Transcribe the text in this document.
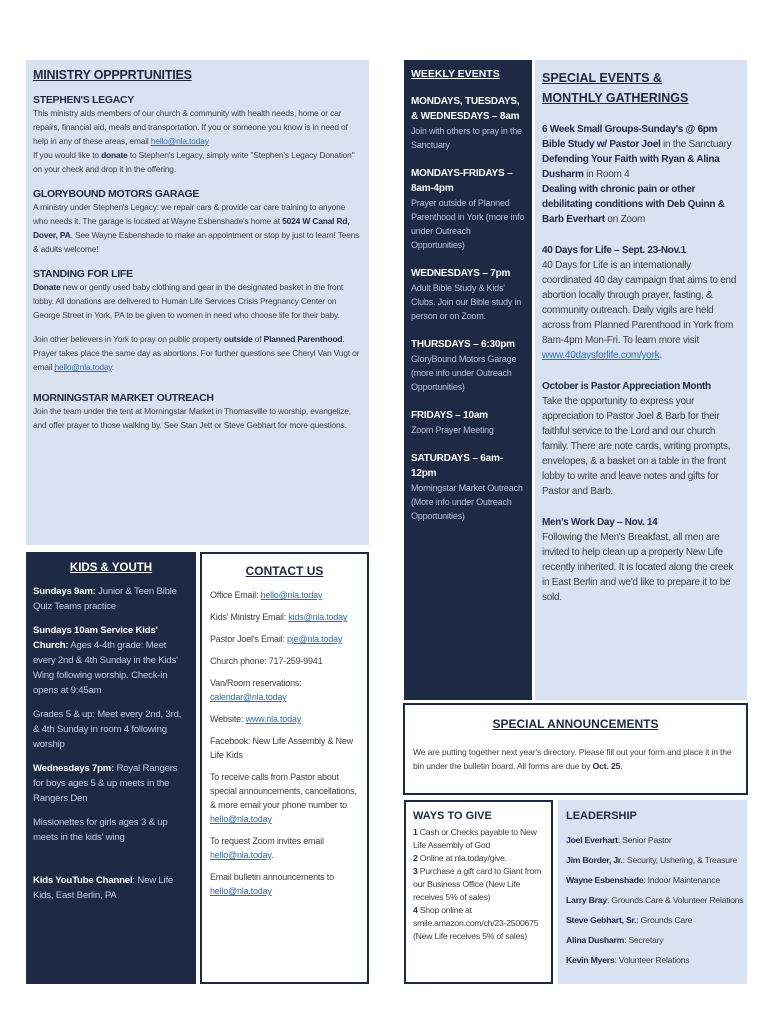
MINISTRY OPPPRTUNITIES
STEPHEN'S LEGACY

This ministry aids members of our church & community with health needs, home or car repairs, financial aid, meals and transportation. If you or someone you know is in need of help in any of these areas, email hello@nla.today
If you would like to donate to Stephen's Legacy, simply write "Stephen's Legacy Donation" on your check and drop it in the offering.

GLORYBOUND MOTORS GARAGE

A ministry under Stephen's Legacy: we repair cars & provide car care training to anyone who needs it. The garage is located at Wayne Esbenshade's home at 5024 W Canal Rd, Dover, PA. See Wayne Esbenshade to make an appointment or stop by just to learn! Teens & adults welcome!

STANDING FOR LIFE

Donate new or gently used baby clothing and gear in the designated basket in the front lobby. All donations are delivered to Human Life Services Crisis Pregnancy Center on George Street in York, PA to be given to women in need who choose life for their baby.

Join other believers in York to pray on public property outside of Planned Parenthood. Prayer takes place the same day as abortions. For further questions see Cheryl Van Vugt or email hello@nla.today.

MORNINGSTAR MARKET OUTREACH

Join the team under the tent at Morningstar Market in Thomasville to worship, evangelize, and offer prayer to those walking by. See Stan Jett or Steve Gebhart for more questions.

KIDS & YOUTH

Sundays 9am: Junior & Teen Bible Quiz Teams practice

Sundays 10am Service Kids' Church: Ages 4-4th grade: Meet every 2nd & 4th Sunday in the Kids' Wing following worship. Check-in opens at 9:45am

Grades 5 & up: Meet every 2nd, 3rd, & 4th Sunday in room 4 following worship

Wednesdays 7pm: Royal Rangers for boys ages 5 & up meets in the Rangers Den

Missionettes for girls ages 3 & up meets in the kids' wing

Kids YouTube Channel: New Life Kids, East Berlin, PA

CONTACT US

Office Email: hello@nla.today

Kids' Ministry Email: kids@nla.today

Pastor Joel's Email: pje@nla.today

Church phone: 717-259-9941

Van/Room reservations:
calendar@nla.today

Website: www.nla.today

Facebook: New Life Assembly & New Life Kids

To receive calls from Pastor about special announcements, cancellations, & more email your phone number to hello@nla.today

To request Zoom invites email hello@nla.today.

Email bulletin announcements to hello@nla.today

WEEKLY EVENTS
MONDAYS, TUESDAYS, & WEDNESDAYS – 8am
Join with others to pray in the Sanctuary
MONDAYS-FRIDAYS – 8am-4pm
Prayer outside of Planned Parenthood in York (more info under Outreach Opportunities)
WEDNESDAYS – 7pm
Adult Bible Study & Kids' Clubs. Join our Bible study in person or on Zoom.
THURSDAYS – 6:30pm
GloryBound Motors Garage (more info under Outreach Opportunities)
FRIDAYS – 10am
Zoom Prayer Meeting
SATURDAYS – 6am-12pm
Morningstar Market Outreach (More info under Outreach Opportunities)
SPECIAL EVENTS &
MONTHLY GATHERINGS
6 Week Small Groups-Sunday's @ 6pm

Bible Study w/ Pastor Joel in the Sanctuary

Defending Your Faith with Ryan & Alina Dusharm in Room 4

Dealing with chronic pain or other debilitating conditions with Deb Quinn & Barb Everhart on Zoom

40 Days for Life – Sept. 23-Nov.1

40 Days for Life is an internationally coordinated 40 day campaign that aims to end abortion locally through prayer, fasting, & community outreach. Daily vigils are held across from Planned Parenthood in York from 8am-4pm Mon-Fri. To learn more visit www.40daysforlife.com/york.

October is Pastor Appreciation Month

Take the opportunity to express your appreciation to Pastor Joel & Barb for their faithful service to the Lord and our church family. There are note cards, writing prompts, envelopes, & a basket on a table in the front lobby to write and leave notes and gifts for Pastor and Barb.

Men's Work Day – Nov. 14

Following the Men's Breakfast, all men are invited to help clean up a property New Life recently inherited. It is located along the creek in East Berlin and we'd like to prepare it to be sold.

SPECIAL ANNOUNCEMENTS

We are putting together next year's directory. Please fill out your form and place it in the bin under the bulletin board. All forms are due by Oct. 25.

WAYS TO GIVE

1 Cash or Checks payable to New Life Assembly of God

2 Online at nla.today/give.

3 Purchase a gift card to Giant from our Business Office (New Life receives 5% of sales)

4 Shop online at smile.amazon.com/ch/23-2500675 (New Life receives 5% of sales)

LEADERSHIP

Joel Everhart: Senior Pastor

Jim Border, Jr.: Security, Ushering, & Treasure

Wayne Esbenshade: Indoor Maintenance

Larry Bray: Grounds Care & Volunteer Relations

Steve Gebhart, Sr.: Grounds Care

Alina Dusharm: Secretary

Kevin Myers: Volunteer Relations
